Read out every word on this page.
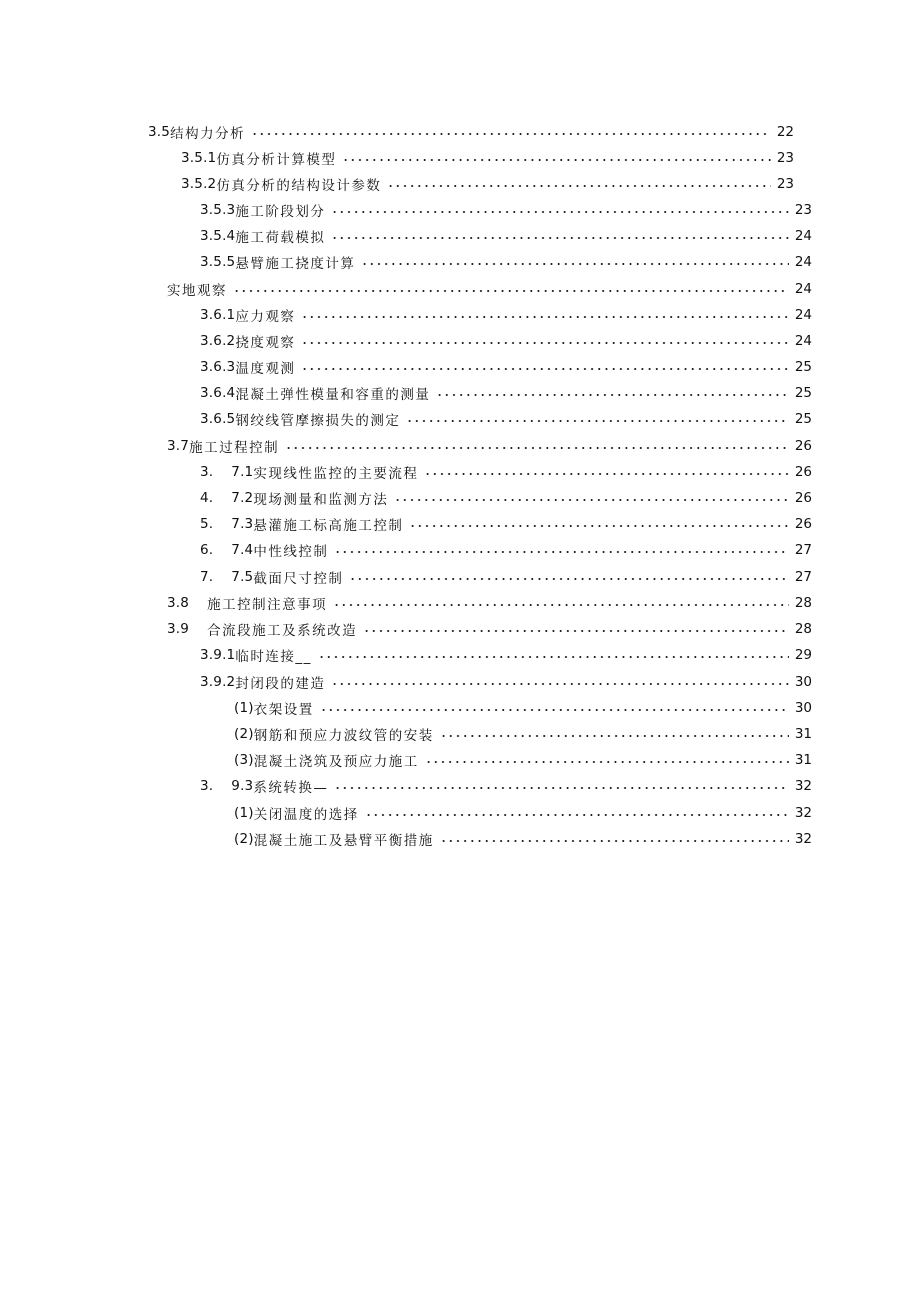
3.5 结构力分析	22
3.5.1 仿真分析计算模型	23
3.5.2 仿真分析的结构设计参数	23
3.5.3 施工阶段划分	23
3.5.4 施工荷载模拟	24
3.5.5 悬臂施工挠度计算	24
实地观察	24
3.6.1 应力观察	24
3.6.2 挠度观察	24
3.6.3 温度观测	25
3.6.4 混凝土弹性模量和容重的测量	25
3.6.5 钢绞线管摩擦损失的测定	25
3.7 施工过程控制	26
3. 7.1 实现线性监控的主要流程	26
4. 7.2 现场测量和监测方法	26
5. 7.3 悬灌施工标高施工控制	26
6. 7.4 中性线控制	27
7. 7.5 截面尺寸控制	27
3.8 施工控制注意事项	28
3.9 合流段施工及系统改造	28
3.9.1 临时连接__	29
3.9.2 封闭段的建造	30
(1) 衣架设置	30
(2) 钢筋和预应力波纹管的安装	31
(3) 混凝土浇筑及预应力施工	31
3. 9.3 系统转换—	32
(1) 关闭温度的选择	32
(2) 混凝土施工及悬臂平衡措施	32
